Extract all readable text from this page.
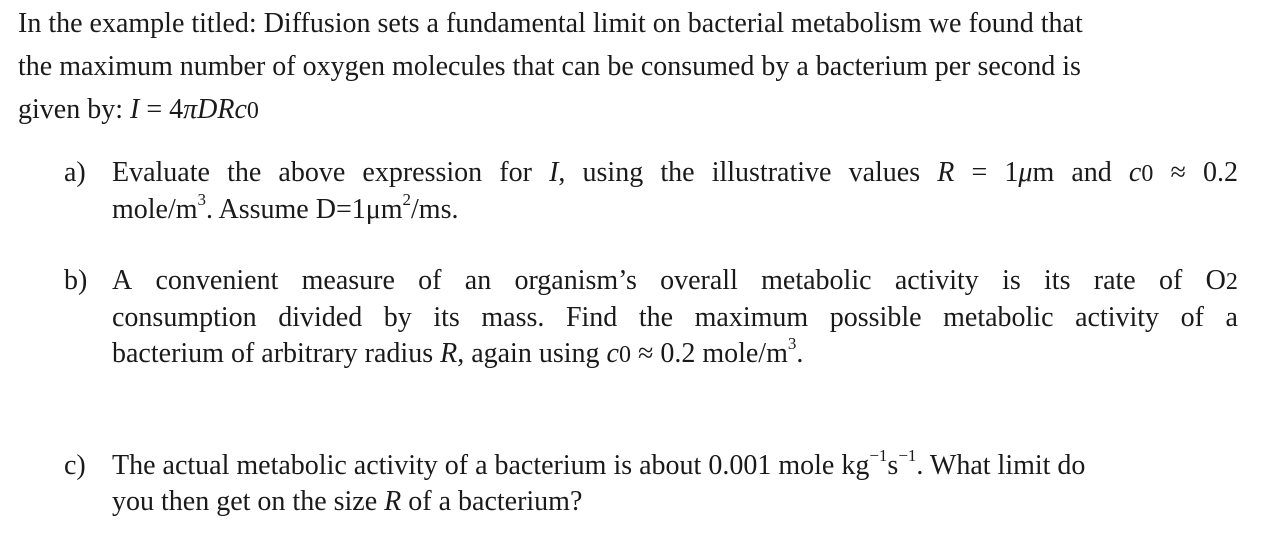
In the example titled: Diffusion sets a fundamental limit on bacterial metabolism we found that
the maximum number of oxygen molecules that can be consumed by a bacterium per second is
given by: I = 4πDRc0
a) Evaluate the above expression for I, using the illustrative values R = 1μm and c0 ≈ 0.2
mole/$m^3$. Assume $D=1\mu m^2/ms$.
b) A convenient measure of an organism’s overall metabolic activity is its rate of O2
consumption divided by its mass. Find the maximum possible metabolic activity of a
bacterium of arbitrary radius R, again using c0 ≈ 0.2 mole/$m^3$.
c) The actual metabolic activity of a bacterium is about 0.001 mole $kg^{-1}s^{-1}$. What limit do
you then get on the size R of a bacterium?
